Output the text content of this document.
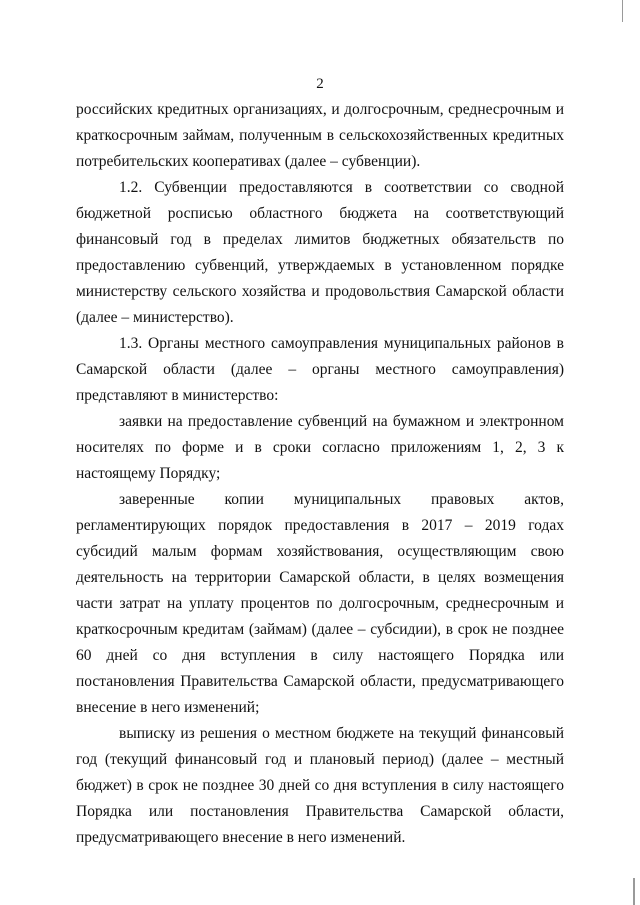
2

российских кредитных организациях, и долгосрочным, среднесрочным и краткосрочным займам, полученным в сельскохозяйственных кредитных потребительских кооперативах (далее – субвенции).

1.2. Субвенции предоставляются в соответствии со сводной бюджетной росписью областного бюджета на соответствующий финансовый год в пределах лимитов бюджетных обязательств по предоставлению субвенций, утверждаемых в установленном порядке министерству сельского хозяйства и продовольствия Самарской области (далее – министерство).

1.3. Органы местного самоуправления муниципальных районов в Самарской области (далее – органы местного самоуправления) представляют в министерство:

заявки на предоставление субвенций на бумажном и электронном носителях по форме и в сроки согласно приложениям 1, 2, 3 к настоящему Порядку;

заверенные копии муниципальных правовых актов, регламентирующих порядок предоставления в 2017 – 2019 годах субсидий малым формам хозяйствования, осуществляющим свою деятельность на территории Самарской области, в целях возмещения части затрат на уплату процентов по долгосрочным, среднесрочным и краткосрочным кредитам (займам) (далее – субсидии), в срок не позднее 60 дней со дня вступления в силу настоящего Порядка или постановления Правительства Самарской области, предусматривающего внесение в него изменений;

выписку из решения о местном бюджете на текущий финансовый год (текущий финансовый год и плановый период) (далее – местный бюджет) в срок не позднее 30 дней со дня вступления в силу настоящего Порядка или постановления Правительства Самарской области, предусматривающего внесение в него изменений.
